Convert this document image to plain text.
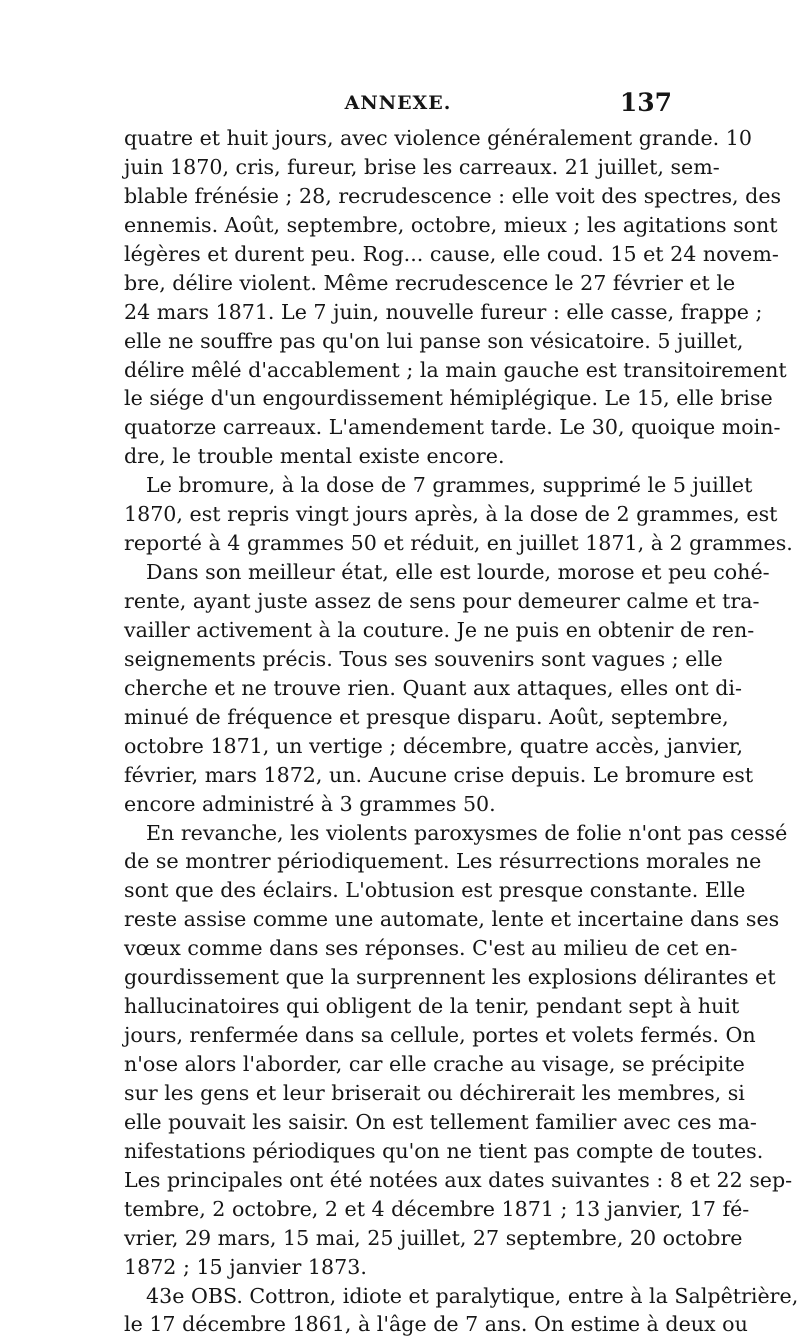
ANNEXE.	137
quatre et huit jours, avec violence généralement grande. 10
juin 1870, cris, fureur, brise les carreaux. 21 juillet, sem-
blable frénésie ; 28, recrudescence : elle voit des spectres, des
ennemis. Août, septembre, octobre, mieux ; les agitations sont
légères et durent peu. Rog... cause, elle coud. 15 et 24 novem-
bre, délire violent. Même recrudescence le 27 février et le
24 mars 1871. Le 7 juin, nouvelle fureur : elle casse, frappe ;
elle ne souffre pas qu'on lui panse son vésicatoire. 5 juillet,
délire mêlé d'accablement ; la main gauche est transitoirement
le siége d'un engourdissement hémiplégique. Le 15, elle brise
quatorze carreaux. L'amendement tarde. Le 30, quoique moin-
dre, le trouble mental existe encore.
Le bromure, à la dose de 7 grammes, supprimé le 5 juillet
1870, est repris vingt jours après, à la dose de 2 grammes, est
reporté à 4 grammes 50 et réduit, en juillet 1871, à 2 grammes.
Dans son meilleur état, elle est lourde, morose et peu cohé-
rente, ayant juste assez de sens pour demeurer calme et tra-
vailler activement à la couture. Je ne puis en obtenir de ren-
seignements précis. Tous ses souvenirs sont vagues ; elle
cherche et ne trouve rien. Quant aux attaques, elles ont di-
minué de fréquence et presque disparu. Août, septembre,
octobre 1871, un vertige ; décembre, quatre accès, janvier,
février, mars 1872, un. Aucune crise depuis. Le bromure est
encore administré à 3 grammes 50.
En revanche, les violents paroxysmes de folie n'ont pas cessé
de se montrer périodiquement. Les résurrections morales ne
sont que des éclairs. L'obtusion est presque constante. Elle
reste assise comme une automate, lente et incertaine dans ses
vœux comme dans ses réponses. C'est au milieu de cet en-
gourdissement que la surprennent les explosions délirantes et
hallucinatoires qui obligent de la tenir, pendant sept à huit
jours, renfermée dans sa cellule, portes et volets fermés. On
n'ose alors l'aborder, car elle crache au visage, se précipite
sur les gens et leur briserait ou déchirerait les membres, si
elle pouvait les saisir. On est tellement familier avec ces ma-
nifestations périodiques qu'on ne tient pas compte de toutes.
Les principales ont été notées aux dates suivantes : 8 et 22 sep-
tembre, 2 octobre, 2 et 4 décembre 1871 ; 13 janvier, 17 fé-
vrier, 29 mars, 15 mai, 25 juillet, 27 septembre, 20 octobre
1872 ; 15 janvier 1873.
43e OBS. Cottron, idiote et paralytique, entre à la Salpêtrière,
le 17 décembre 1861, à l'âge de 7 ans. On estime à deux ou
